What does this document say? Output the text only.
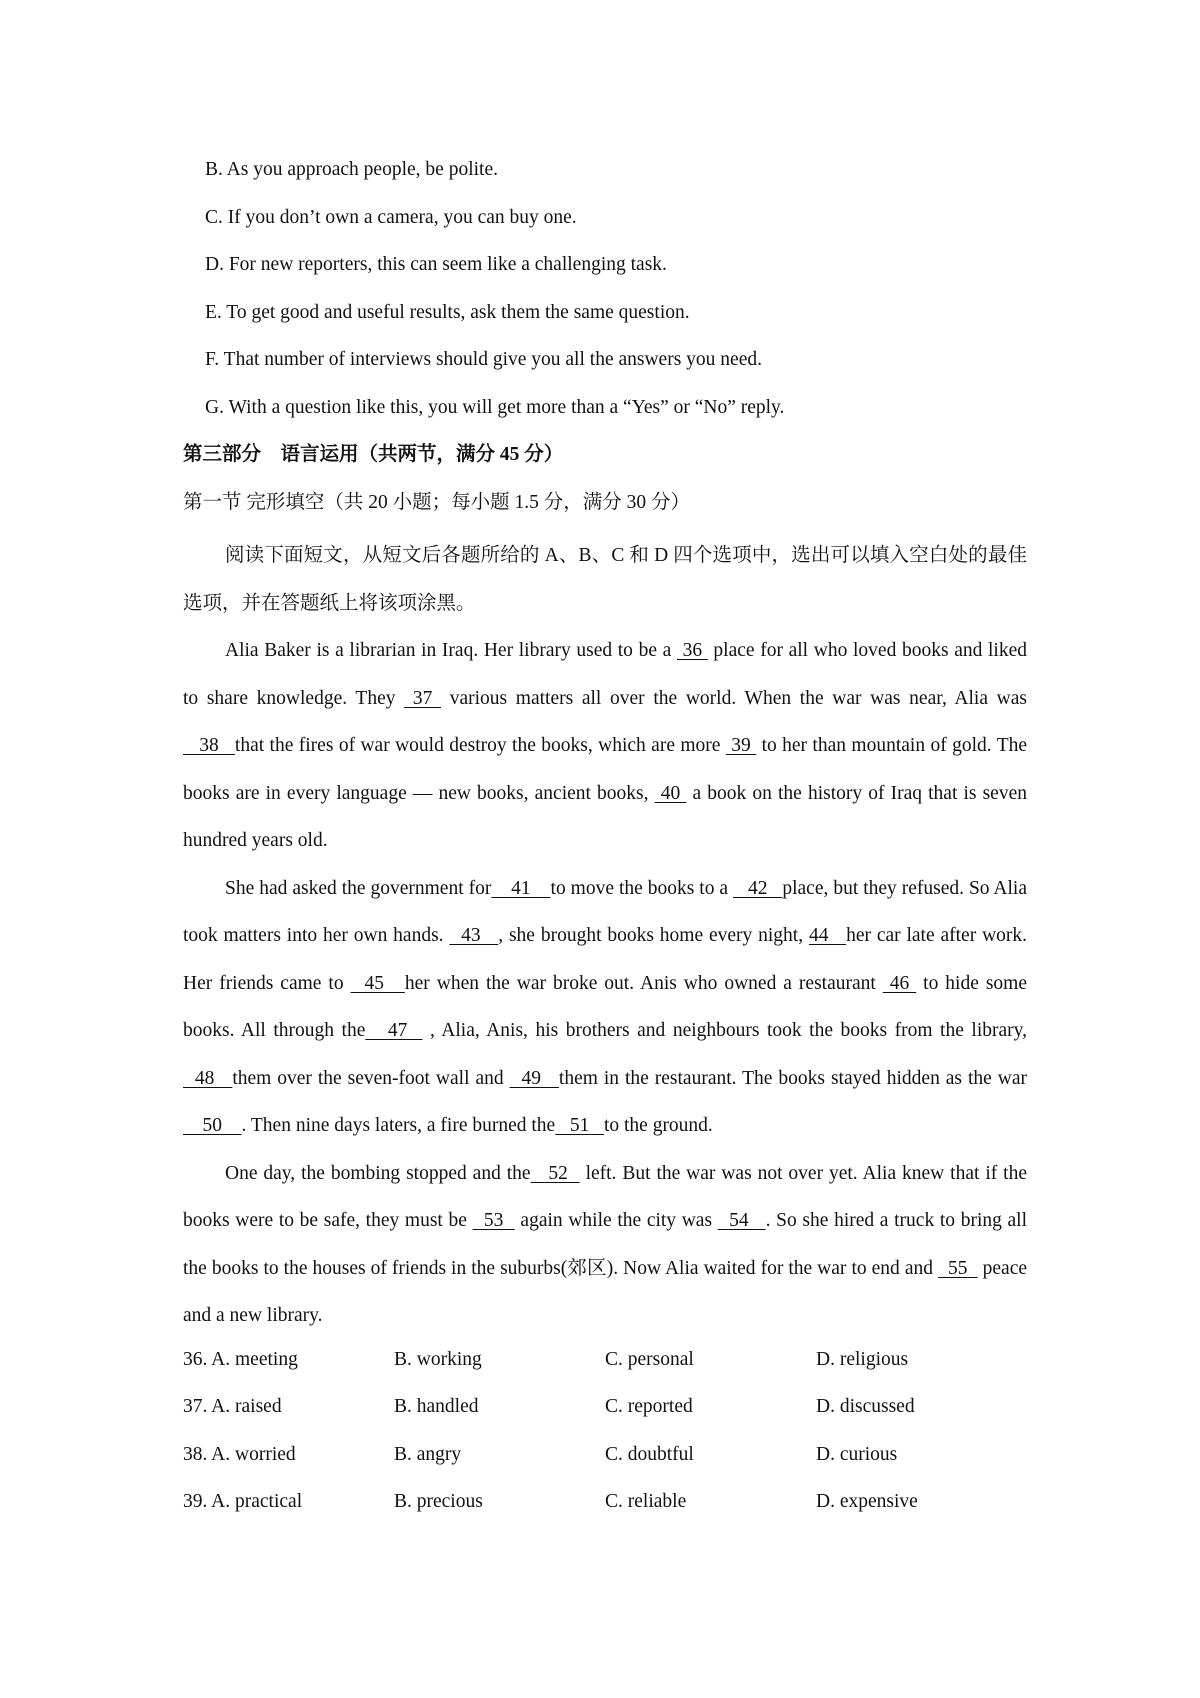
B. As you approach people, be polite.
C. If you don’t own a camera, you can buy one.
D. For new reporters, this can seem like a challenging task.
E. To get good and useful results, ask them the same question.
F. That number of interviews should give you all the answers you need.
G. With a question like this, you will get more than a “Yes” or “No” reply.
第三部分　语言运用（共两节，满分 45 分）
第一节 完形填空（共 20 小题；每小题 1.5 分，满分 30 分）

阅读下面短文，从短文后各题所给的 A、B、C 和 D 四个选项中，选出可以填入空白处的最佳选项，并在答题纸上将该项涂黑。

Alia Baker is a librarian in Iraq. Her library used to be a  36  place for all who loved books and liked to share knowledge. They  37  various matters all over the world. When the war was near, Alia was   38   that the fires of war would destroy the books, which are more  39  to her than mountain of gold. The books are in every language — new books, ancient books,  40  a book on the history of Iraq that is seven hundred years old.

She had asked the government for    41    to move the books to a    42   place, but they refused. So Alia took matters into her own hands.   43   , she brought books home every night, 44   her car late after work. Her friends came to   45   her when the war broke out. Anis who owned a restaurant  46  to hide some books. All through the   47   , Alia, Anis, his brothers and neighbours took the books from the library,   48   them over the seven-foot wall and   49   them in the restaurant. The books stayed hidden as the war    50    . Then nine days laters, a fire burned the   51   to the ground.

One day, the bombing stopped and the   52   left. But the war was not over yet. Alia knew that if the books were to be safe, they must be   53   again while the city was   54   . So she hired a truck to bring all the books to the houses of friends in the suburbs(郊区). Now Alia waited for the war to end and   55   peace and a new library.

36. A. meeting	B. working	C. personal	D. religious
37. A. raised	B. handled	C. reported	D. discussed
38. A. worried	B. angry	C. doubtful	D. curious
39. A. practical	B. precious	C. reliable	D. expensive
